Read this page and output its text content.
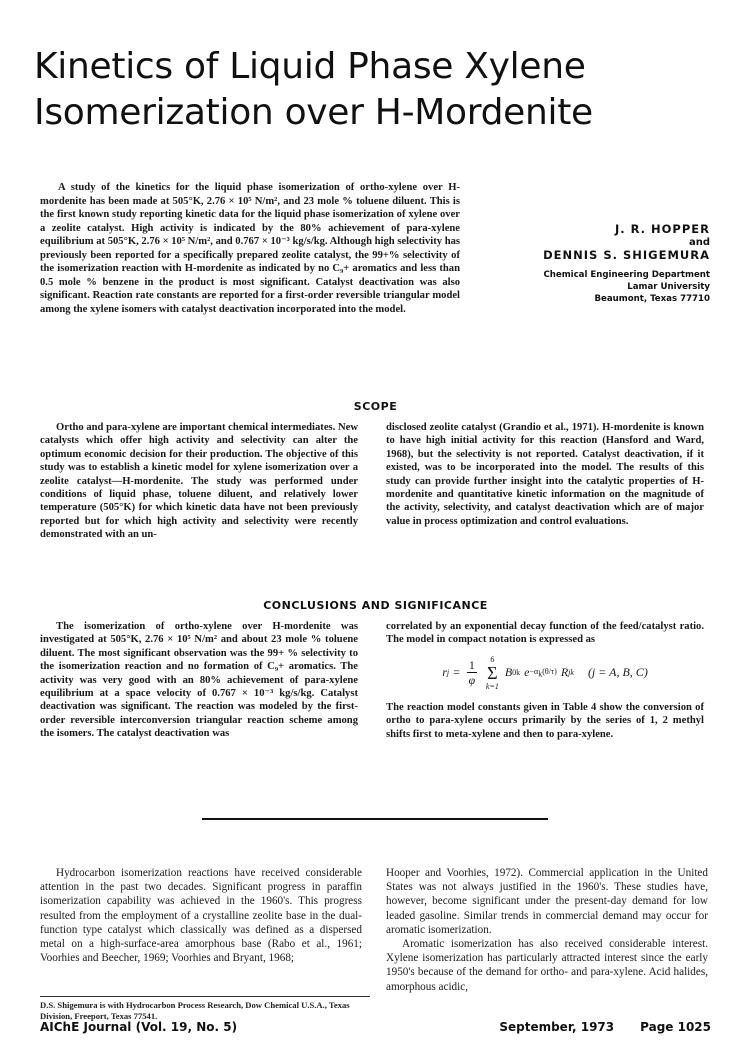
Kinetics of Liquid Phase Xylene
Isomerization over H-Mordenite

A study of the kinetics for the liquid phase isomerization of ortho-xylene over H-mordenite has been made at 505°K, 2.76 × 10⁵ N/m², and 23 mole % toluene diluent. This is the first known study reporting kinetic data for the liquid phase isomerization of xylene over a zeolite catalyst. High activity is indicated by the 80% achievement of para-xylene equilibrium at 505°K, 2.76 × 10⁵ N/m², and 0.767 × 10⁻³ kg/s/kg. Although high selectivity has previously been reported for a specifically prepared zeolite catalyst, the 99+% selectivity of the isomerization reaction with H-mordenite as indicated by no C₉+ aromatics and less than 0.5 mole % benzene in the product is most significant. Catalyst deactivation was also significant. Reaction rate constants are reported for a first-order reversible triangular model among the xylene isomers with catalyst deactivation incorporated into the model.

J. R. HOPPER
and
DENNIS S. SHIGEMURA
Chemical Engineering Department
Lamar University
Beaumont, Texas 77710
SCOPE

Ortho and para-xylene are important chemical intermediates. New catalysts which offer high activity and selectivity can alter the optimum economic decision for their production. The objective of this study was to establish a kinetic model for xylene isomerization over a zeolite catalyst—H-mordenite. The study was performed under conditions of liquid phase, toluene diluent, and relatively lower temperature (505°K) for which kinetic data have not been previously reported but for which high activity and selectivity were recently demonstrated with an un-

disclosed zeolite catalyst (Grandio et al., 1971). H-mordenite is known to have high initial activity for this reaction (Hansford and Ward, 1968), but the selectivity is not reported. Catalyst deactivation, if it existed, was to be incorporated into the model. The results of this study can provide further insight into the catalytic properties of H-mordenite and quantitative kinetic information on the magnitude of the activity, selectivity, and catalyst deactivation which are of major value in process optimization and control evaluations.

CONCLUSIONS AND SIGNIFICANCE

The isomerization of ortho-xylene over H-mordenite was investigated at 505°K, 2.76 × 10⁵ N/m² and about 23 mole % toluene diluent. The most significant observation was the 99+ % selectivity to the isomerization reaction and no formation of C₉+ aromatics. The activity was very good with an 80% achievement of para-xylene equilibrium at a space velocity of 0.767 × 10⁻³ kg/s/kg. Catalyst deactivation was significant. The reaction was modeled by the first-order reversible interconversion triangular reaction scheme among the isomers. The catalyst deactivation was

correlated by an exponential decay function of the feed/catalyst ratio. The model in compact notation is expressed as

r $j = \frac{1}{\varphi} 6$
Σ
k=1
B 0k $e -\alpha_k(\theta/\tau)$ R jk (j = A, B, C)

The reaction model constants given in Table 4 show the conversion of ortho to para-xylene occurs primarily by the series of 1, 2 methyl shifts first to meta-xylene and then to para-xylene.

Hydrocarbon isomerization reactions have received considerable attention in the past two decades. Significant progress in paraffin isomerization capability was achieved in the 1960's. This progress resulted from the employment of a crystalline zeolite base in the dual-function type catalyst which classically was defined as a dispersed metal on a high-surface-area amorphous base (Rabo et al., 1961; Voorhies and Beecher, 1969; Voorhies and Bryant, 1968;

Hooper and Voorhies, 1972). Commercial application in the United States was not always justified in the 1960's. These studies have, however, become significant under the present-day demand for low leaded gasoline. Similar trends in commercial demand may occur for aromatic isomerization.

Aromatic isomerization has also received considerable interest. Xylene isomerization has particularly attracted interest since the early 1950's because of the demand for ortho- and para-xylene. Acid halides, amorphous acidic,

D.S. Shigemura is with Hydrocarbon Process Research, Dow Chemical U.S.A., Texas Division, Freeport, Texas 77541.
AIChE Journal (Vol. 19, No. 5)	September, 1973 Page 1025
